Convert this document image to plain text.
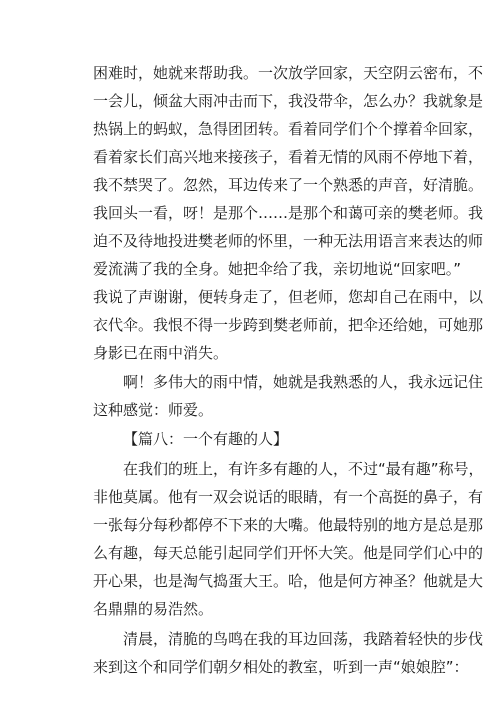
困难时，她就来帮助我。一次放学回家，天空阴云密布，不
一会儿，倾盆大雨冲击而下，我没带伞，怎么办？我就象是
热锅上的蚂蚁，急得团团转。看着同学们个个撑着伞回家，
看着家长们高兴地来接孩子，看着无情的风雨不停地下着，
我不禁哭了。忽然，耳边传来了一个熟悉的声音，好清脆。
我回头一看，呀！是那个……是那个和蔼可亲的樊老师。我
迫不及待地投进樊老师的怀里，一种无法用语言来表达的师
爱流满了我的全身。她把伞给了我，亲切地说“回家吧。”
我说了声谢谢，便转身走了，但老师，您却自己在雨中，以
衣代伞。我恨不得一步跨到樊老师前，把伞还给她，可她那
身影已在雨中消失。
啊！多伟大的雨中情，她就是我熟悉的人，我永远记住
这种感觉：师爱。
【篇八：一个有趣的人】
在我们的班上，有许多有趣的人，不过“最有趣”称号，
非他莫属。他有一双会说话的眼睛，有一个高挺的鼻子，有
一张每分每秒都停不下来的大嘴。他最特别的地方是总是那
么有趣，每天总能引起同学们开怀大笑。他是同学们心中的
开心果，也是淘气捣蛋大王。哈，他是何方神圣？他就是大
名鼎鼎的易浩然。
清晨，清脆的鸟鸣在我的耳边回荡，我踏着轻快的步伐
来到这个和同学们朝夕相处的教室，听到一声“娘娘腔”：
